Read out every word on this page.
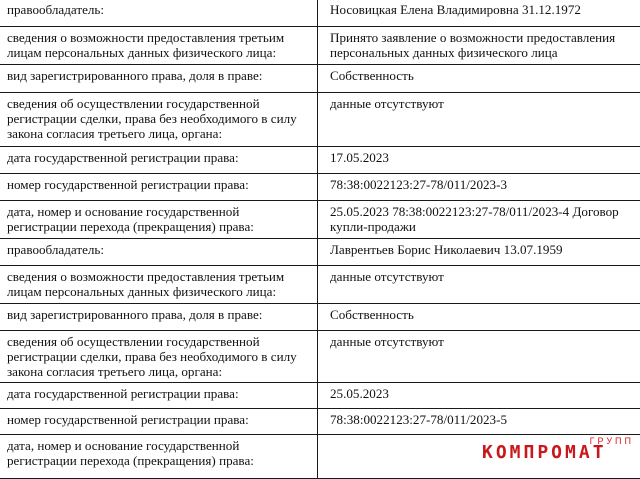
правообладатель:	Носовицкая Елена Владимировна 31.12.1972
сведения о возможности предоставления третьим лицам персональных данных физического лица:	Принято заявление о возможности предоставления персональных данных физического лица
вид зарегистрированного права, доля в праве:	Собственность
сведения об осуществлении государственной регистрации сделки, права без необходимого в силу закона согласия третьего лица, органа:	данные отсутствуют
дата государственной регистрации права:	17.05.2023
номер государственной регистрации права:	78:38:0022123:27-78/011/2023-3
дата, номер и основание государственной регистрации перехода (прекращения) права:	25.05.2023 78:38:0022123:27-78/011/2023-4 Договор купли-продажи
правообладатель:	Лаврентьев Борис Николаевич 13.07.1959
сведения о возможности предоставления третьим лицам персональных данных физического лица:	данные отсутствуют
вид зарегистрированного права, доля в праве:	Собственность
сведения об осуществлении государственной регистрации сделки, права без необходимого в силу закона согласия третьего лица, органа:	данные отсутствуют
дата государственной регистрации права:	25.05.2023
номер государственной регистрации права:	78:38:0022123:27-78/011/2023-5
дата, номер и основание государственной регистрации перехода (прекращения) права:	
ГРУПП
КОМПРОМАТ
